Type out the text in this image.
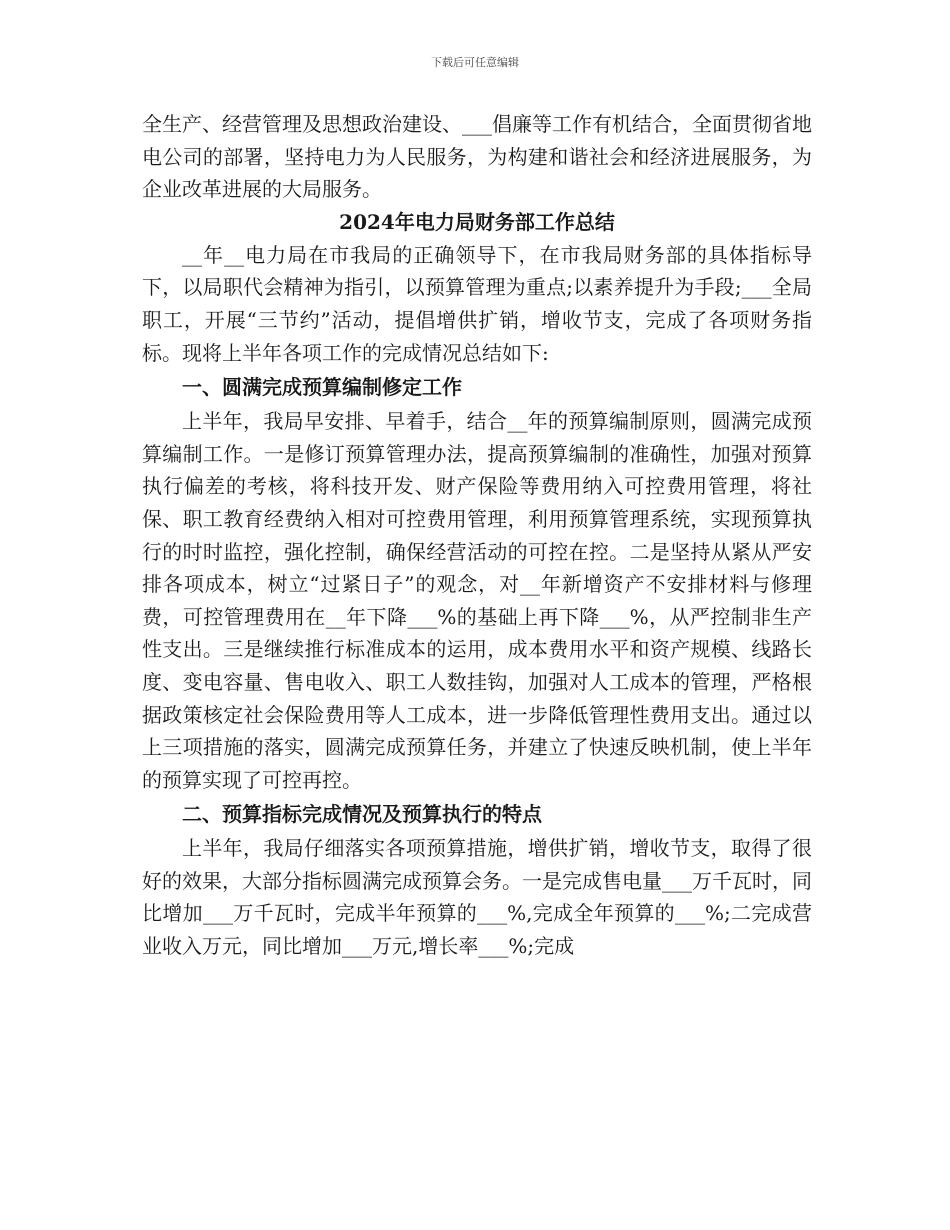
下载后可任意编辑

全生产、经营管理及思想政治建设、___倡廉等工作有机结合，全面贯彻省地电公司的部署，坚持电力为人民服务，为构建和谐社会和经济进展服务，为企业改革进展的大局服务。

2024年电力局财务部工作总结

__年__电力局在市我局的正确领导下，在市我局财务部的具体指标导下，以局职代会精神为指引，以预算管理为重点;以素养提升为手段;___全局职工，开展“三节约”活动，提倡增供扩销，增收节支，完成了各项财务指标。现将上半年各项工作的完成情况总结如下:

一、圆满完成预算编制修定工作

上半年，我局早安排、早着手，结合__年的预算编制原则，圆满完成预算编制工作。一是修订预算管理办法，提高预算编制的准确性，加强对预算执行偏差的考核，将科技开发、财产保险等费用纳入可控费用管理，将社保、职工教育经费纳入相对可控费用管理，利用预算管理系统，实现预算执行的时时监控，强化控制，确保经营活动的可控在控。二是坚持从紧从严安排各项成本，树立“过紧日子”的观念，对__年新增资产不安排材料与修理费，可控管理费用在__年下降___%的基础上再下降___%，从严控制非生产性支出。三是继续推行标准成本的运用，成本费用水平和资产规模、线路长度、变电容量、售电收入、职工人数挂钩，加强对人工成本的管理，严格根据政策核定社会保险费用等人工成本，进一步降低管理性费用支出。通过以上三项措施的落实，圆满完成预算任务，并建立了快速反映机制，使上半年的预算实现了可控再控。

二、预算指标完成情况及预算执行的特点

上半年，我局仔细落实各项预算措施，增供扩销，增收节支，取得了很好的效果，大部分指标圆满完成预算会务。一是完成售电量___万千瓦时，同比增加___万千瓦时，完成半年预算的___%,完成全年预算的___%;二完成营业收入万元，同比增加___万元,增长率___%;完成
